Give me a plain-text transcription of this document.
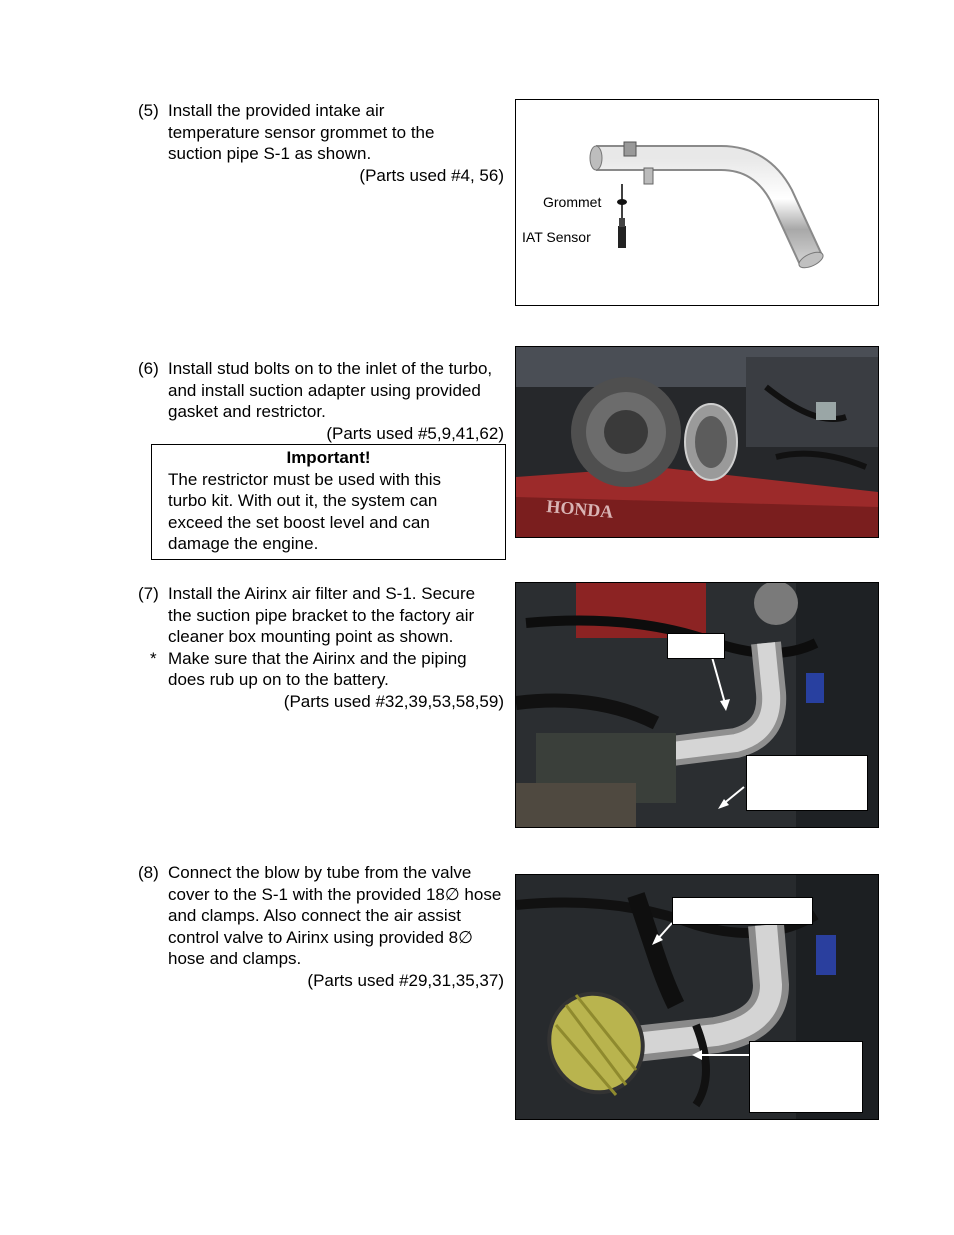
(5) Install the provided intake air temperature sensor grommet to the suction pipe S-1 as shown.
(Parts used #4, 56)
Grommet
IAT Sensor
(6) Install stud bolts on to the inlet of the turbo, and install suction adapter using provided gasket and restrictor.
(Parts used #5,9,41,62)
Important!
The restrictor must be used with this turbo kit. With out it, the system can exceed the set boost level and can damage the engine.
HONDA
(7) Install the Airinx air filter and S-1. Secure the suction pipe bracket to the factory air cleaner box mounting point as shown.
* Make sure that the Airinx and the piping does rub up on to the battery.
(Parts used #32,39,53,58,59)
(8) Connect the blow by tube from the valve cover to the S-1 with the provided 18∅ hose and clamps. Also connect the air assist control valve to Airinx using provided 8∅ hose and clamps.
(Parts used #29,31,35,37)
